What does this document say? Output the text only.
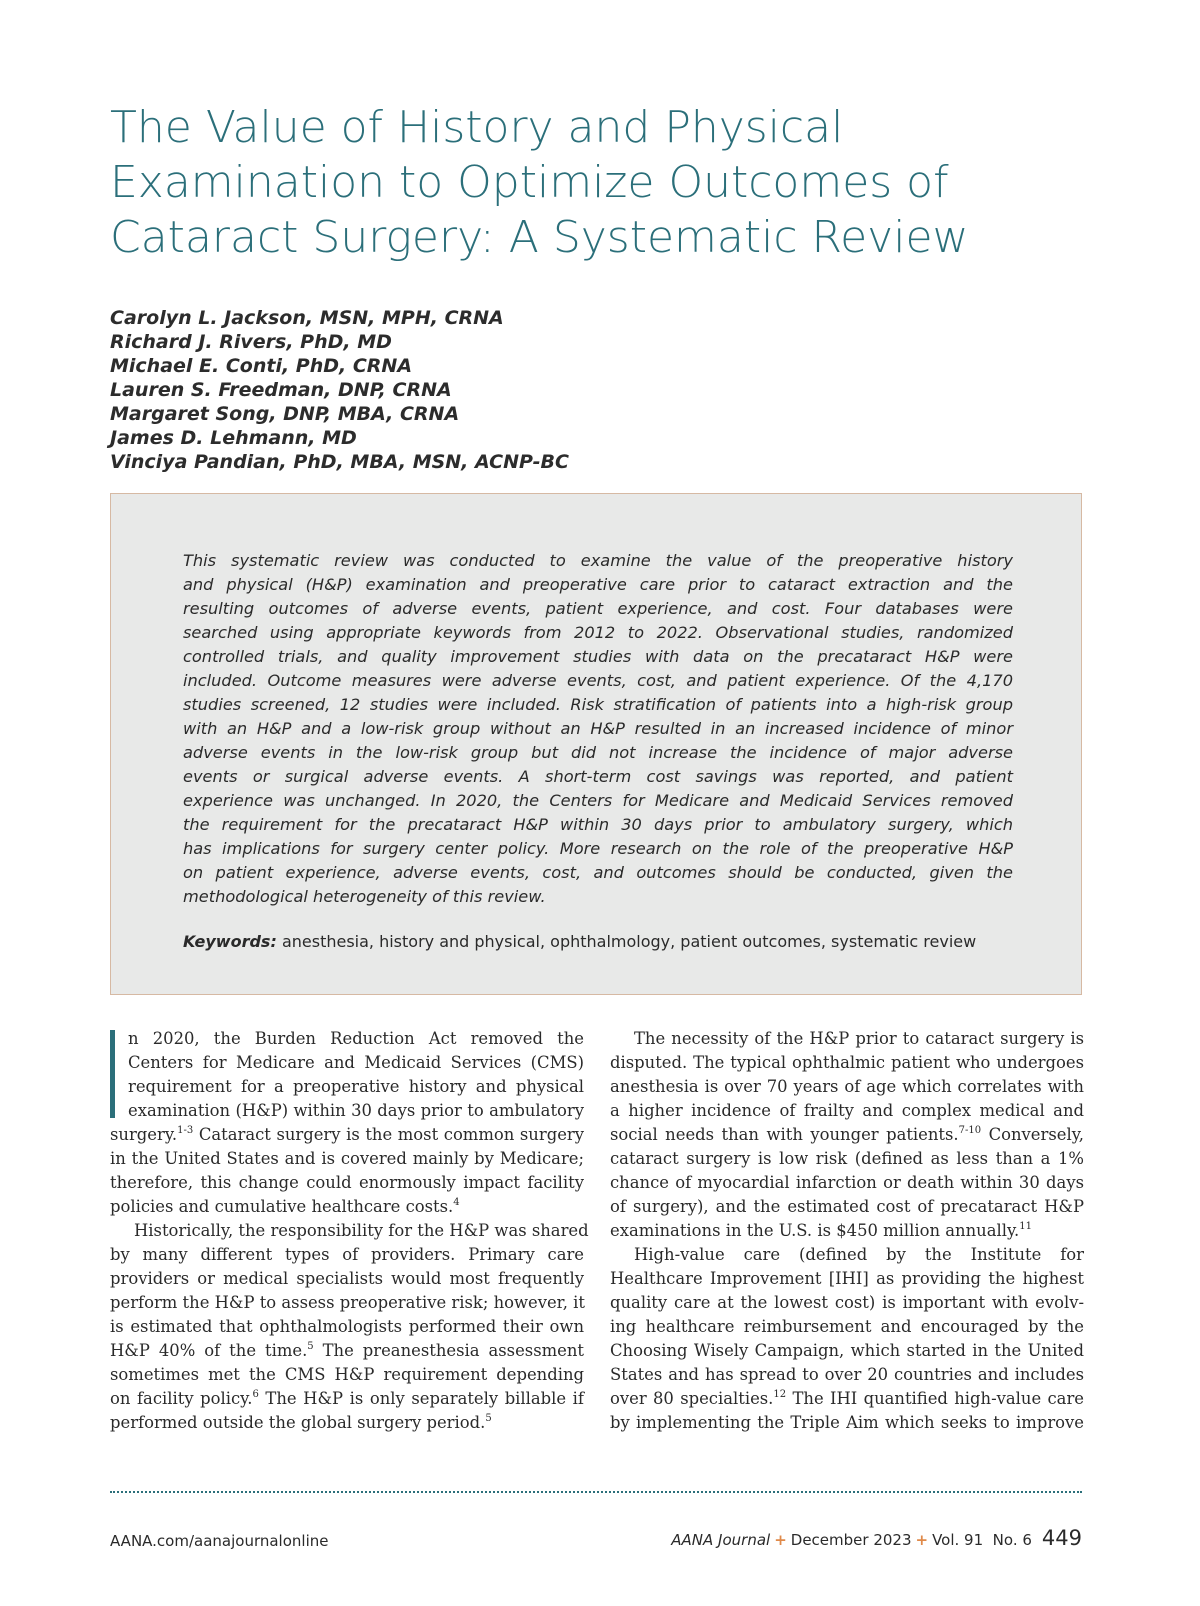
The Value of History and Physical
Examination to Optimize Outcomes of
Cataract Surgery: A Systematic Review
Carolyn L. Jackson, MSN, MPH, CRNA
Richard J. Rivers, PhD, MD
Michael E. Conti, PhD, CRNA
Lauren S. Freedman, DNP, CRNA
Margaret Song, DNP, MBA, CRNA
James D. Lehmann, MD
Vinciya Pandian, PhD, MBA, MSN, ACNP-BC
This systematic review was conducted to examine the value of the preoperative history
and physical (H&P) examination and preoperative care prior to cataract extraction and the
resulting outcomes of adverse events, patient experience, and cost. Four databases were
searched using appropriate keywords from 2012 to 2022. Observational studies, randomized
controlled trials, and quality improvement studies with data on the precataract H&P were
included. Outcome measures were adverse events, cost, and patient experience. Of the 4,170
studies screened, 12 studies were included. Risk stratification of patients into a high-risk group
with an H&P and a low-risk group without an H&P resulted in an increased incidence of minor
adverse events in the low-risk group but did not increase the incidence of major adverse
events or surgical adverse events. A short-term cost savings was reported, and patient
experience was unchanged. In 2020, the Centers for Medicare and Medicaid Services removed
the requirement for the precataract H&P within 30 days prior to ambulatory surgery, which
has implications for surgery center policy. More research on the role of the preoperative H&P
on patient experience, adverse events, cost, and outcomes should be conducted, given the
methodological heterogeneity of this review.
Keywords: anesthesia, history and physical, ophthalmology, patient outcomes, systematic review
n 2020, the Burden Reduction Act removed the
Centers for Medicare and Medicaid Services (CMS)
requirement for a preoperative history and physical
examination (H&P) within 30 days prior to ambulatory
surgery.$^{1-3}$ Cataract surgery is the most common surgery
in the United States and is covered mainly by Medicare;
therefore, this change could enormously impact facility
policies and cumulative healthcare costs.$^4$
Historically, the responsibility for the H&P was shared
by many different types of providers. Primary care
providers or medical specialists would most frequently
perform the H&P to assess preoperative risk; however, it
is estimated that ophthalmologists performed their own
H&P 40% of the time.$^5$ The preanesthesia assessment
sometimes met the CMS H&P requirement depending
on facility policy.$^6$ The H&P is only separately billable if
performed outside the global surgery period.$^5$
The necessity of the H&P prior to cataract surgery is
disputed. The typical ophthalmic patient who undergoes
anesthesia is over 70 years of age which correlates with
a higher incidence of frailty and complex medical and
social needs than with younger patients.$^{7-10}$ Conversely,
cataract surgery is low risk (defined as less than a 1%
chance of myocardial infarction or death within 30 days
of surgery), and the estimated cost of precataract H&P
examinations in the U.S. is $450 million annually.$^{11}$
High-value care (defined by the Institute for
Healthcare Improvement [IHI] as providing the highest
quality care at the lowest cost) is important with evolv-
ing healthcare reimbursement and encouraged by the
Choosing Wisely Campaign, which started in the United
States and has spread to over 20 countries and includes
over 80 specialties.$^{12}$ The IHI quantified high-value care
by implementing the Triple Aim which seeks to improve
AANA.com/aanajournalonline	AANA Journal + December 2023 + Vol. 91  No. 6 449
